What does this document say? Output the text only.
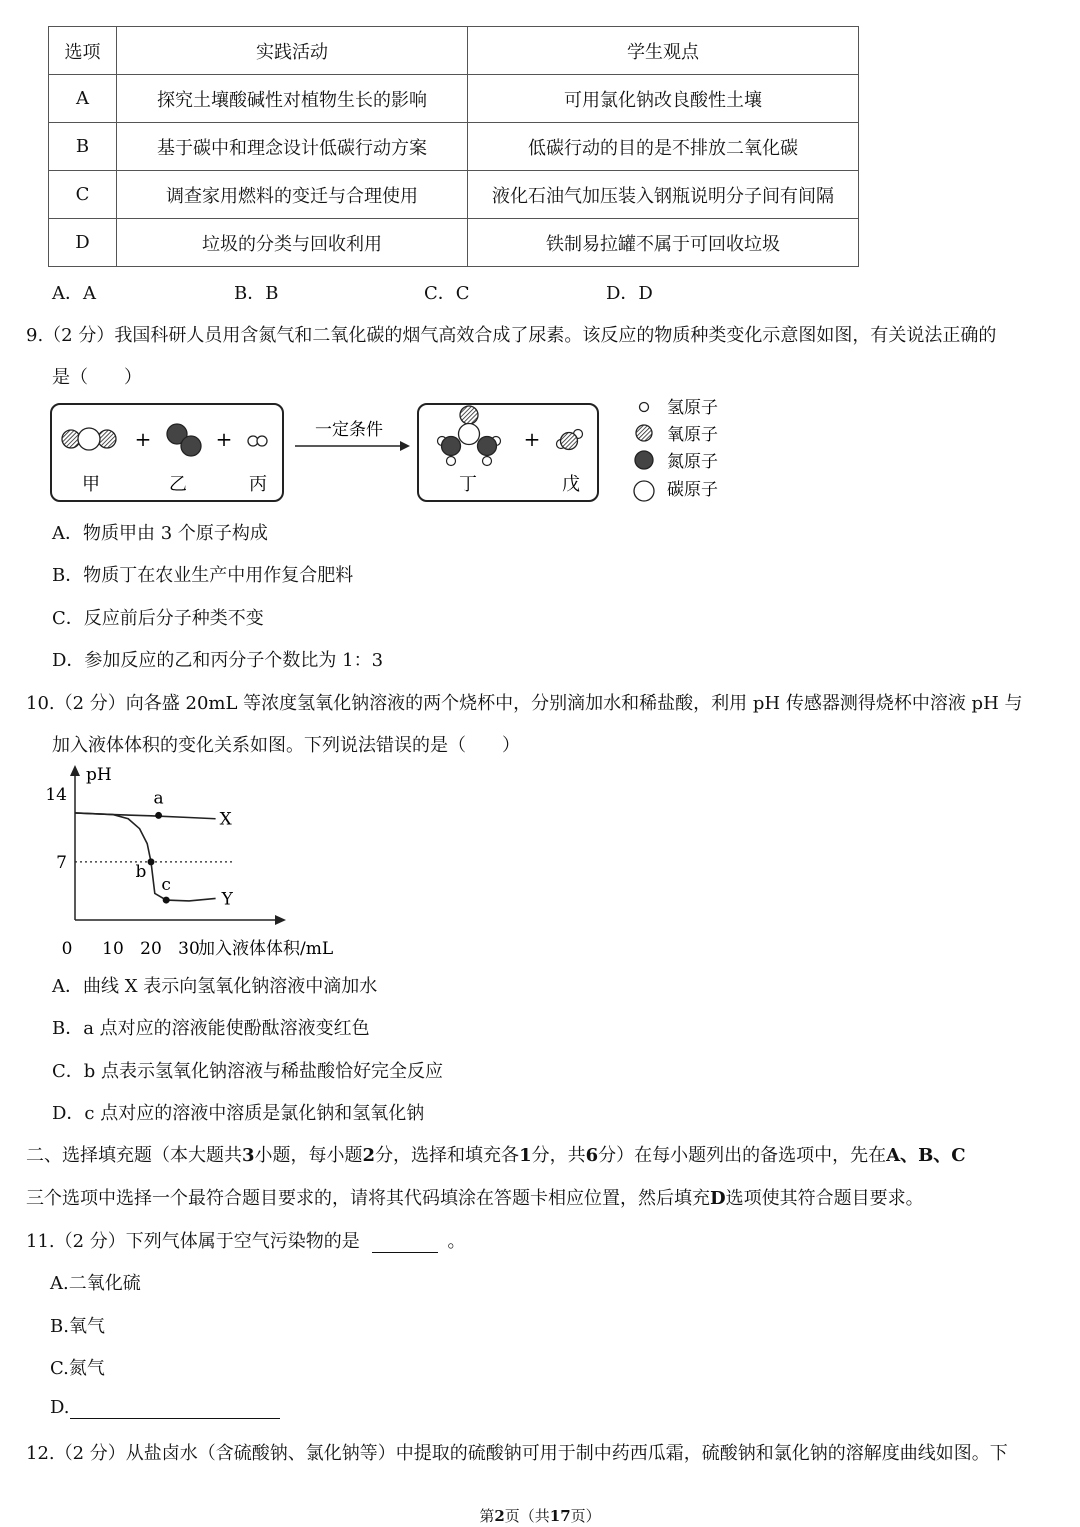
选项	实践活动	学生观点
A	探究土壤酸碱性对植物生长的影响	可用氯化钠改良酸性土壤
B	基于碳中和理念设计低碳行动方案	低碳行动的目的是不排放二氧化碳
C	调查家用燃料的变迁与合理使用	液化石油气加压装入钢瓶说明分子间有间隔
D	垃圾的分类与回收利用	铁制易拉罐不属于可回收垃圾
A．A	B．B	C．C	D．D
9.（2 分）我国科研人员用含氮气和二氧化碳的烟气高效合成了尿素。该反应的物质种类变化示意图如图，有关说法正确的
是（　　）
+	+
甲	乙	丙
一定条件	+
丁	戊
氢原子
氧原子
氮原子
碳原子
A．物质甲由 3 个原子构成
B．物质丁在农业生产中用作复合肥料
C．反应前后分子种类不变
D．参加反应的乙和丙分子个数比为 1：3
10.（2 分）向各盛 20mL 等浓度氢氧化钠溶液的两个烧杯中，分别滴加水和稀盐酸，利用 pH 传感器测得烧杯中溶液 pH 与
加入液体体积的变化关系如图。下列说法错误的是（　　）
pH
加入液体体积/mL
14
7
0 10 20 30
X
Y
a
b
c
A．曲线 X 表示向氢氧化钠溶液中滴加水
B．a 点对应的溶液能使酚酞溶液变红色
C．b 点表示氢氧化钠溶液与稀盐酸恰好完全反应
D．c 点对应的溶液中溶质是氯化钠和氢氧化钠
二、选择填充题（本大题共3小题，每小题2分，选择和填充各1分，共6分）在每小题列出的备选项中，先在A、B、C
三个选项中选择一个最符合题目要求的，请将其代码填涂在答题卡相应位置，然后填充D选项使其符合题目要求。
11.（2 分）下列气体属于空气污染物的是	。
A.二氧化硫
B.氧气
C.氮气
D.
12.（2 分）从盐卤水（含硫酸钠、氯化钠等）中提取的硫酸钠可用于制中药西瓜霜，硫酸钠和氯化钠的溶解度曲线如图。下
第2页（共17页）
